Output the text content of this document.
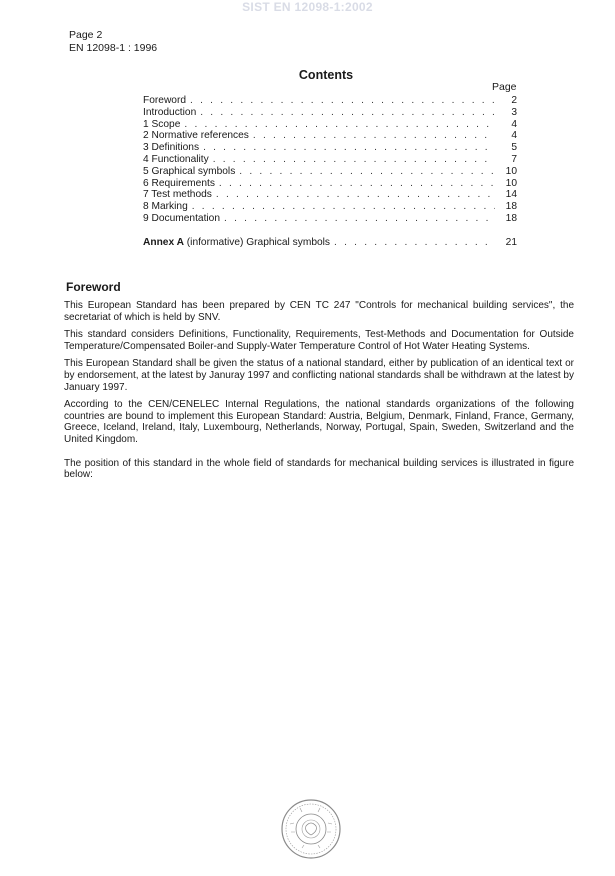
SIST EN 12098-1:2002
Page 2
EN 12098-1 : 1996
Contents
Page
Foreword . . .	2
Introduction . . .	3
1 Scope . . .	4
2 Normative references . . .	4
3 Definitions . . .	5
4 Functionality . . .	7
5 Graphical symbols . . .	10
6 Requirements . . .	10
7 Test methods . . .	14
8 Marking . . .	18
9 Documentation . . .	18
Annex A (informative) Graphical symbols . . .	21
Foreword

This European Standard has been prepared by CEN TC 247 "Controls for mechanical building services", the secretariat of which is held by SNV.

This standard considers Definitions, Functionality, Requirements, Test-Methods and Documentation for Outside Temperature/Compensated Boiler-and Supply-Water Temperature Control of Hot Water Heating Systems.

This European Standard shall be given the status of a national standard, either by publication of an identical text or by endorsement, at the latest by Januray 1997 and conflicting national standards shall be withdrawn at the latest by January 1997.

According to the CEN/CENELEC Internal Regulations, the national standards organizations of the following countries are bound to implement this European Standard: Austria, Belgium, Denmark, Finland, France, Germany, Greece, Iceland, Ireland, Italy, Luxembourg, Netherlands, Norway, Portugal, Spain, Sweden, Switzerland and the United Kingdom.

The position of this standard in the whole field of standards for mechanical building services is illustrated in figure below:
